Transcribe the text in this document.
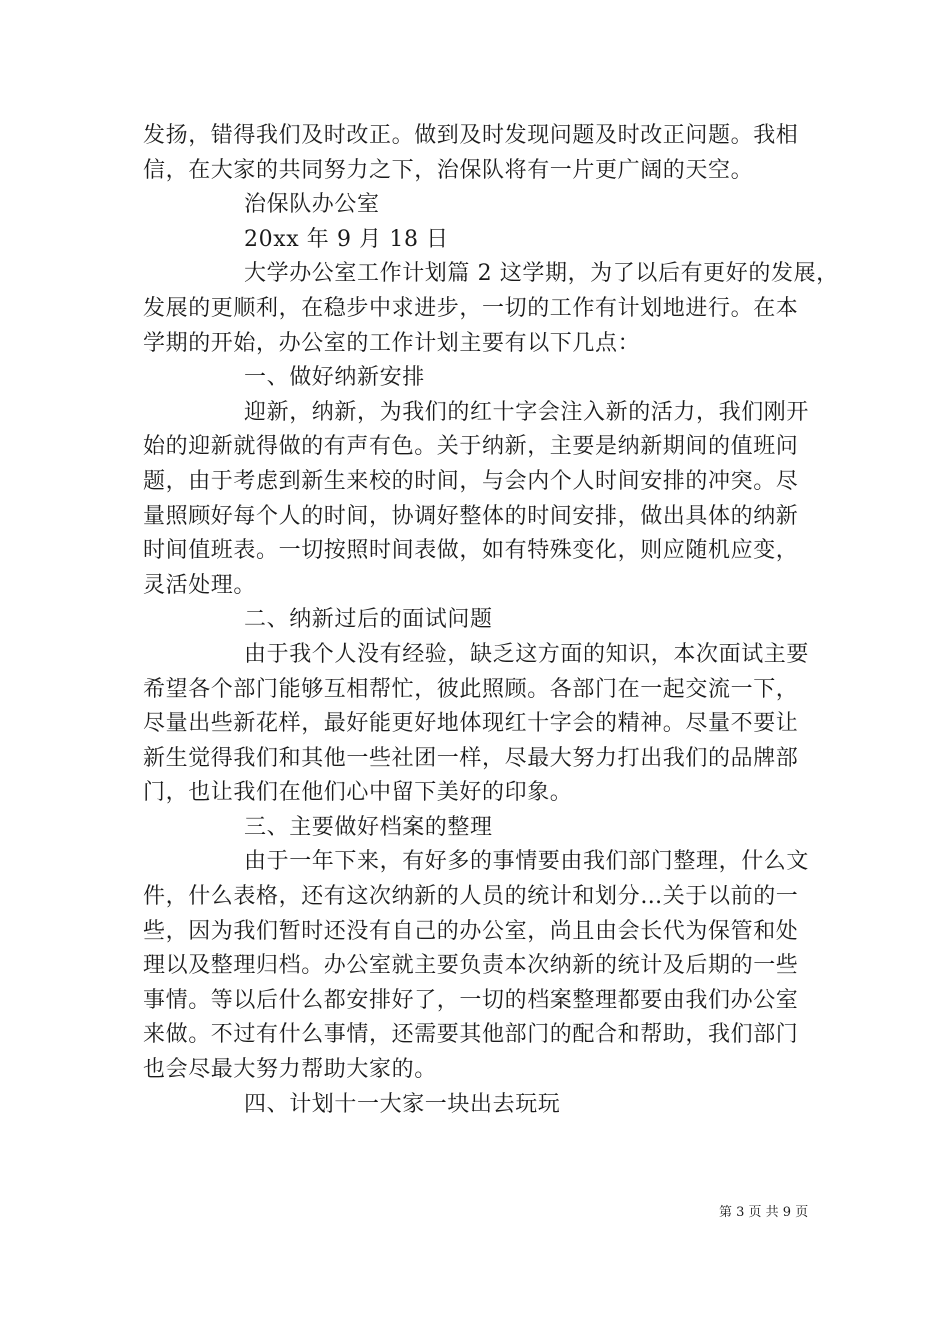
发扬，错得我们及时改正。做到及时发现问题及时改正问题。我相
信，在大家的共同努力之下，治保队将有一片更广阔的天空。
治保队办公室
20xx 年 9 月 18 日
大学办公室工作计划篇 2 这学期，为了以后有更好的发展，
发展的更顺利，在稳步中求进步，一切的工作有计划地进行。在本
学期的开始，办公室的工作计划主要有以下几点：
一、做好纳新安排
迎新，纳新，为我们的红十字会注入新的活力，我们刚开
始的迎新就得做的有声有色。关于纳新，主要是纳新期间的值班问
题，由于考虑到新生来校的时间，与会内个人时间安排的冲突。尽
量照顾好每个人的时间，协调好整体的时间安排，做出具体的纳新
时间值班表。一切按照时间表做，如有特殊变化，则应随机应变，
灵活处理。
二、纳新过后的面试问题
由于我个人没有经验，缺乏这方面的知识，本次面试主要
希望各个部门能够互相帮忙，彼此照顾。各部门在一起交流一下，
尽量出些新花样，最好能更好地体现红十字会的精神。尽量不要让
新生觉得我们和其他一些社团一样，尽最大努力打出我们的品牌部
门，也让我们在他们心中留下美好的印象。
三、主要做好档案的整理
由于一年下来，有好多的事情要由我们部门整理，什么文
件，什么表格，还有这次纳新的人员的统计和划分…关于以前的一
些，因为我们暂时还没有自己的办公室，尚且由会长代为保管和处
理以及整理归档。办公室就主要负责本次纳新的统计及后期的一些
事情。等以后什么都安排好了，一切的档案整理都要由我们办公室
来做。不过有什么事情，还需要其他部门的配合和帮助，我们部门
也会尽最大努力帮助大家的。
四、计划十一大家一块出去玩玩
第 3 页 共 9 页
